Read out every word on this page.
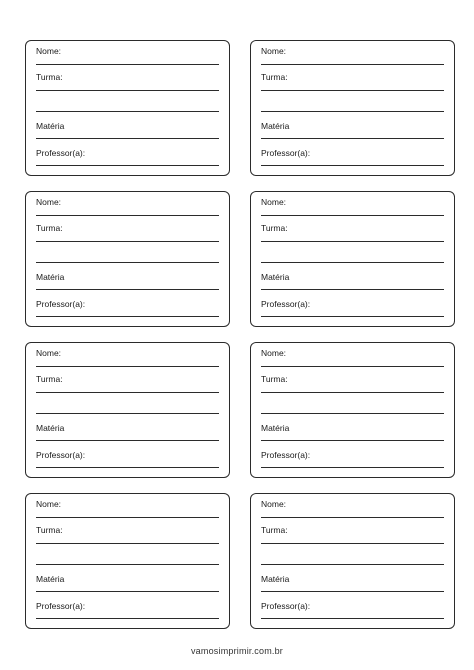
Nome:
Turma:
Matéria
Professor(a):
Nome:
Turma:
Matéria
Professor(a):
Nome:
Turma:
Matéria
Professor(a):
Nome:
Turma:
Matéria
Professor(a):
Nome:
Turma:
Matéria
Professor(a):
Nome:
Turma:
Matéria
Professor(a):
Nome:
Turma:
Matéria
Professor(a):
Nome:
Turma:
Matéria
Professor(a):
vamosimprimir.com.br
